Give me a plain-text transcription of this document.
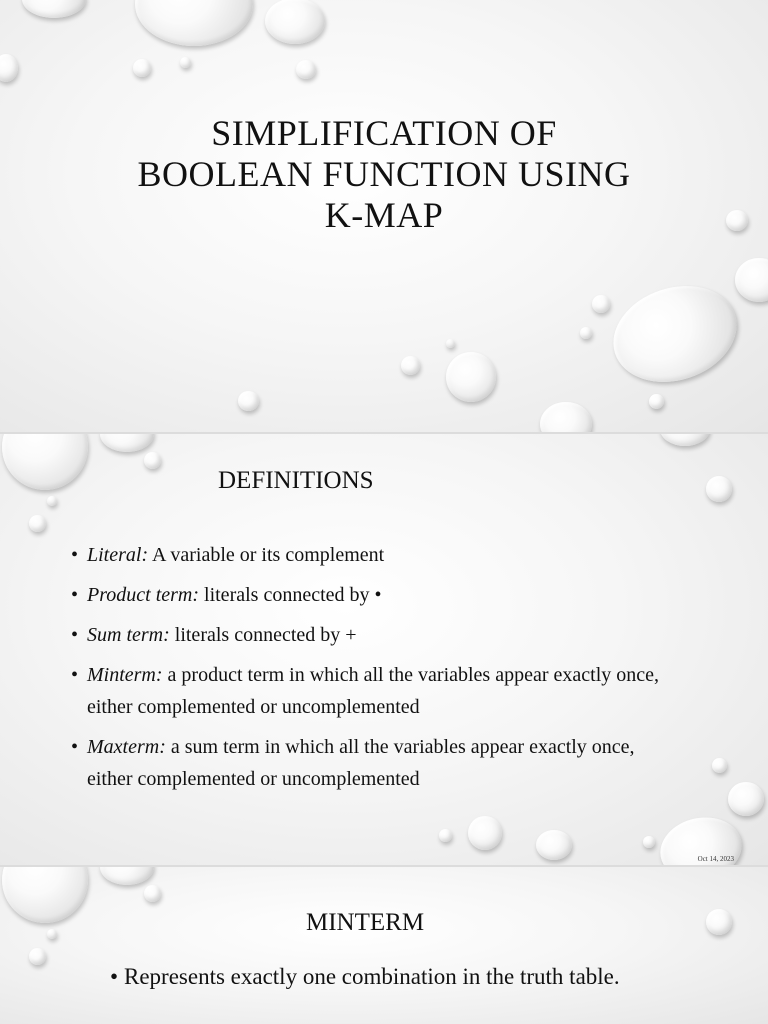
SIMPLIFICATION OF
BOOLEAN FUNCTION USING
K-MAP
DEFINITIONS
• Literal: A variable or its complement
• Product term: literals connected by •
• Sum term: literals connected by +
• Minterm: a product term in which all the variables appear exactly once, either complemented or uncomplemented
• Maxterm: a sum term in which all the variables appear exactly once, either complemented or uncomplemented
Oct 14, 2023
MINTERM
• Represents exactly one combination in the truth table.
